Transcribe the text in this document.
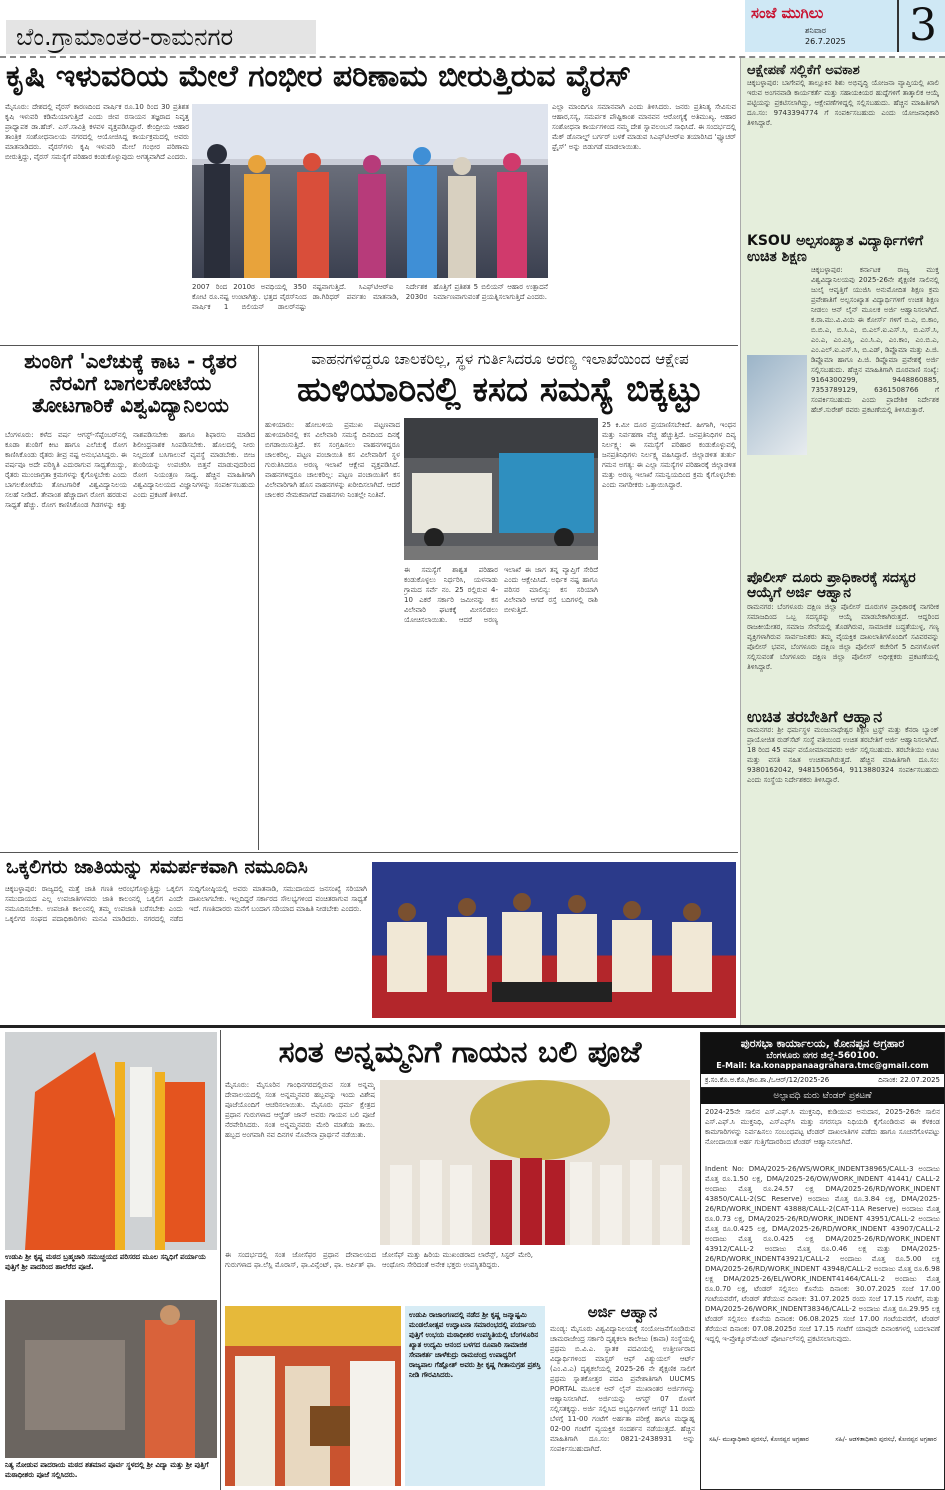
ಬೆಂ.ಗ್ರಾಮಾಂತರ-ರಾಮನಗರ
ಸಂಜೆ ಮುಗಿಲು
ಶನಿವಾರ
26.7.2025 3
ಕೃಷಿ ಇಳುವರಿಯ ಮೇಲೆ ಗಂಭೀರ ಪರಿಣಾಮ ಬೀರುತ್ತಿರುವ ವೈರಸ್
ಮೈಸೂರು: ದೇಶದಲ್ಲಿ ವೈರಸ್ ಕಾರಣದಿಂದ ವಾರ್ಷಿಕ ರೂ.10 ರಿಂದ 30 ಪ್ರತಿಶತ ಕೃಷಿ ಇಳುವರಿ ಕಡಿಮೆಯಾಗುತ್ತಿದೆ ಎಂದು ಜೀವ ರಸಾಯನ ತಜ್ಞರಾದ ನಿವೃತ್ತ ಪ್ರಾಧ್ಯಾಪಕ ಡಾ.ಹೆಚ್. ಎಸ್.ಸಾವಿತ್ರಿ ಕಳವಳ ವ್ಯಕ್ತಪಡಿಸಿದ್ದಾರೆ. ಕೇಂದ್ರೀಯ ಆಹಾರ ತಾಂತ್ರಿಕ ಸಂಶೋಧನಾಲಯ ನಗರದಲ್ಲಿ ಆಯೋಜಿಸಿದ್ದ ಕಾರ್ಯಕ್ರಮದಲ್ಲಿ ಅವರು ಮಾತನಾಡಿದರು. ವೈರಸ್‌ಗಳು ಕೃಷಿ ಇಳುವರಿ ಮೇಲೆ ಗಂಭೀರ ಪರಿಣಾಮ ಬೀರುತ್ತಿದ್ದು, ವೈರಸ್ ಸಮಸ್ಯೆಗೆ ಪರಿಹಾರ ಕಂಡುಕೊಳ್ಳುವುದು ಅಗತ್ಯವಾಗಿದೆ ಎಂದರು.
2007 ರಿಂದ 2010ರ ಅವಧಿಯಲ್ಲಿ 350 ಕೋಟಿ ರೂ.ನಷ್ಟ ಉಂಟಾಗಿತ್ತು. ಭತ್ತದ ವೈರಸ್‌ನಿಂದ ವಾರ್ಷಿಕ 1 ಬಿಲಿಯನ್ ಡಾಲರ್‌ನಷ್ಟು ನಷ್ಟವಾಗುತ್ತಿದೆ. ಸಿಎಫ್‌ಟಿಆರ್‌ಐ ನಿರ್ದೇಶಕ ಡಾ.ಗಿರಿಧರ್ ಪರ್ವತಂ ಮಾತನಾಡಿ, 2030ರ ಹೊತ್ತಿಗೆ ಪ್ರತಿಶತ 5 ಬಿಲಿಯನ್ ಆಹಾರ ಉತ್ಪಾದನೆ ನಿರ್ಮಾಣವಾಗುವಂತೆ ಪ್ರಯತ್ನಿಸಲಾಗುತ್ತಿದೆ ಎಂದರು.
ಎಲ್ಲಾ ಮಾಂದಿಗೂ ಸಮಾನವಾಗಿ ಎಂದು ತಿಳಿಸಿದರು. ಜನರು ಪ್ರತಿನಿತ್ಯ ಸೇವಿಸುವ ಆಹಾರ,ಸಸ್ಯ, ಸಮರ್ಪಕ ಪೌಷ್ಟಿಕಾಂಶ ಮಾನವನ ಆರೋಗ್ಯಕ್ಕೆ ಅತಿಮುಖ್ಯ. ಆಹಾರ ಸಂಶೋಧನಾ ಕಾರ್ಯಗಳಿಂದ ನಮ್ಮ ದೇಶ ಸ್ವಾವಲಂಬನೆ ಸಾಧಿಸಿದೆ. ಈ ಸಂದರ್ಭದಲ್ಲಿ ಮೆಕ್ ಡೊನಾಲ್ಡ್ ಬರ್ಗರ್ ಬಳಕೆ ಮಾಡುವ ಸಿಎಫ್‌ಟಿಆರ್‌ಐ ತಯಾರಿಸಿದ 'ಫ್ಯೂಚರ್ ಫ್ರೈಸ್' ಅನ್ನು ಬಿಡುಗಡೆ ಮಾಡಲಾಯಿತು.
ಶುಂಠಿಗೆ 'ಎಲೆಚುಕ್ಕೆ ಕಾಟ - ರೈತರ ನೆರವಿಗೆ ಬಾಗಲಕೋಟೆಯ ತೋಟಗಾರಿಕೆ ವಿಶ್ವವಿದ್ಯಾನಿಲಯ
ಬೆಂಗಳೂರು: ಕಳೆದ ವರ್ಷ ಆಗಸ್ಟ್-ಸೆಪ್ಟೆಂಬರ್‌ನಲ್ಲಿ ಕೂಡಾ ಶುಂಠಿಗೆ ಕೀಟ ಹಾಗೂ ಎಲೆಚುಕ್ಕೆ ರೋಗ ಕಾಣಿಸಿಕೊಂಡು ರೈತರು ತೀವ್ರ ನಷ್ಟ ಅನುಭವಿಸಿದ್ದರು. ಈ ವರ್ಷವೂ ಅದೇ ಪರಿಸ್ಥಿತಿ ಎದುರಾಗುವ ಸಾಧ್ಯತೆಯಿದ್ದು, ರೈತರು ಮುಂಜಾಗ್ರತಾ ಕ್ರಮಗಳನ್ನು ಕೈಗೊಳ್ಳಬೇಕು ಎಂದು ಬಾಗಲಕೋಟೆಯ ತೋಟಗಾರಿಕೆ ವಿಶ್ವವಿದ್ಯಾನಿಲಯ ಸಲಹೆ ನೀಡಿದೆ. ತೇವಾಂಶ ಹೆಚ್ಚಾದಾಗ ರೋಗ ಹರಡುವ ಸಾಧ್ಯತೆ ಹೆಚ್ಚು. ರೋಗ ಕಾಣಿಸಿಕೊಂಡ ಗಿಡಗಳನ್ನು ಕಿತ್ತು ನಾಶಪಡಿಸಬೇಕು ಹಾಗೂ ಶಿಫಾರಸು ಮಾಡಿದ ಶಿಲೀಂಧ್ರನಾಶಕ ಸಿಂಪಡಿಸಬೇಕು. ಹೊಲದಲ್ಲಿ ನೀರು ನಿಲ್ಲದಂತೆ ಬಸಿಗಾಲುವೆ ವ್ಯವಸ್ಥೆ ಮಾಡಬೇಕು. ಬೀಜ ಶುಂಠಿಯನ್ನು ಉಪಚರಿಸಿ ಬಿತ್ತನೆ ಮಾಡುವುದರಿಂದ ರೋಗ ನಿಯಂತ್ರಣ ಸಾಧ್ಯ. ಹೆಚ್ಚಿನ ಮಾಹಿತಿಗಾಗಿ ವಿಶ್ವವಿದ್ಯಾನಿಲಯದ ವಿಜ್ಞಾನಿಗಳನ್ನು ಸಂಪರ್ಕಿಸಬಹುದು ಎಂದು ಪ್ರಕಟಣೆ ತಿಳಿಸಿದೆ.
ವಾಹನಗಳಿದ್ದರೂ ಚಾಲಕರಿಲ್ಲ, ಸ್ಥಳ ಗುರ್ತಿಸಿದರೂ ಅರಣ್ಯ ಇಲಾಖೆಯಿಂದ ಆಕ್ಷೇಪ
ಹುಳಿಯಾರಿನಲ್ಲಿ ಕಸದ ಸಮಸ್ಯೆ ಬಿಕ್ಕಟ್ಟು
ಹುಳಿಯಾರು: ಹೋಬಳಿಯ ಪ್ರಮುಖ ಪಟ್ಟಣವಾದ ಹುಳಿಯಾರಿನಲ್ಲಿ ಕಸ ವಿಲೇವಾರಿ ಸಮಸ್ಯೆ ದಿನದಿಂದ ದಿನಕ್ಕೆ ಬಿಗಡಾಯಿಸುತ್ತಿದೆ. ಕಸ ಸಂಗ್ರಹಿಸಲು ವಾಹನಗಳಿದ್ದರೂ ಚಾಲಕರಿಲ್ಲ. ಪಟ್ಟಣ ಪಂಚಾಯಿತಿ ಕಸ ವಿಲೇವಾರಿಗೆ ಸ್ಥಳ ಗುರುತಿಸಿದರೂ ಅರಣ್ಯ ಇಲಾಖೆ ಆಕ್ಷೇಪ ವ್ಯಕ್ತಪಡಿಸಿದೆ. ವಾಹನಗಳಿದ್ದರೂ ಚಾಲಕರಿಲ್ಲ: ಪಟ್ಟಣ ಪಂಚಾಯಿತಿಗೆ ಕಸ ವಿಲೇವಾರಿಗಾಗಿ ಹೊಸ ವಾಹನಗಳನ್ನು ಖರೀದಿಸಲಾಗಿದೆ. ಆದರೆ ಚಾಲಕರ ನೇಮಕವಾಗದೆ ವಾಹನಗಳು ನಿಂತಲ್ಲೇ ನಿಂತಿವೆ.
ಈ ಸಮಸ್ಯೆಗೆ ಶಾಶ್ವತ ಪರಿಹಾರ ಕಂಡುಕೊಳ್ಳಲು ನಿರ್ಧರಿಸಿ, ಯಳನಾಡು ಗ್ರಾಮದ ಸರ್ವೆ ನಂ. 25 ರಲ್ಲಿರುವ 4-10 ಎಕರೆ ಸರ್ಕಾರಿ ಜಮೀನನ್ನು ಕಸ ವಿಲೇವಾರಿ ಘಟಕಕ್ಕೆ ಮೀಸಲಿಡಲು ಯೋಚಿಸಲಾಯಿತು. ಆದರೆ ಅರಣ್ಯ ಇಲಾಖೆ ಈ ಜಾಗ ತನ್ನ ವ್ಯಾಪ್ತಿಗೆ ಸೇರಿದೆ ಎಂದು ಆಕ್ಷೇಪಿಸಿದೆ. ಅರ್ಥಿಕ ನಷ್ಟ ಹಾಗೂ ಪರಿಸರ ಮಾಲಿನ್ಯ: ಕಸ ಸರಿಯಾಗಿ ವಿಲೇವಾರಿ ಆಗದೆ ರಸ್ತೆ ಬದಿಗಳಲ್ಲಿ ರಾಶಿ ಬೀಳುತ್ತಿದೆ.
25 ಕಿ.ಮೀ ದೂರ ಪ್ರಯಾಣಿಸಬೇಕಿದೆ. ಹೀಗಾಗಿ, ಇಂಧನ ಮತ್ತು ನಿರ್ವಹಣಾ ವೆಚ್ಚ ಹೆಚ್ಚುತ್ತಿದೆ. ಜನಪ್ರತಿನಿಧಿಗಳ ದಿವ್ಯ ನಿರ್ಲಕ್ಷ್ಯ: ಈ ಸಮಸ್ಯೆಗೆ ಪರಿಹಾರ ಕಂಡುಕೊಳ್ಳುವಲ್ಲಿ ಜನಪ್ರತಿನಿಧಿಗಳು ನಿರ್ಲಕ್ಷ್ಯ ವಹಿಸಿದ್ದಾರೆ. ಜಿಲ್ಲಾಡಳಿತ ತುರ್ತು ಗಮನ ಅಗತ್ಯ: ಈ ಎಲ್ಲಾ ಸಮಸ್ಯೆಗಳ ಪರಿಹಾರಕ್ಕೆ ಜಿಲ್ಲಾಡಳಿತ ಮತ್ತು ಅರಣ್ಯ ಇಲಾಖೆ ಸಮನ್ವಯದಿಂದ ಕ್ರಮ ಕೈಗೊಳ್ಳಬೇಕು ಎಂದು ನಾಗರೀಕರು ಒತ್ತಾಯಿಸಿದ್ದಾರೆ.
ಒಕ್ಕಲಿಗರು ಜಾತಿಯನ್ನು ಸಮರ್ಪಕವಾಗಿ ನಮೂದಿಸಿ
ಚಿಕ್ಕಬಳ್ಳಾಪುರ: ರಾಜ್ಯದಲ್ಲಿ ಮತ್ತೆ ಜಾತಿ ಗಣತಿ ಆರಂಭಗೊಳ್ಳುತ್ತಿದ್ದು ಒಕ್ಕಲಿಗ ಸಮುದಾಯದ ಎಲ್ಲ ಉಪಜಾತಿಗಳವರು ಜಾತಿ ಕಾಲಂನಲ್ಲಿ ಒಕ್ಕಲಿಗ ಎಂದೇ ನಮೂದಿಸಬೇಕು. ಉಪಜಾತಿ ಕಾಲಂನಲ್ಲಿ ತಮ್ಮ ಉಪಜಾತಿ ಬರೆಸಬೇಕು ಎಂದು ಒಕ್ಕಲಿಗರ ಸಂಘದ ಪದಾಧಿಕಾರಿಗಳು ಮನವಿ ಮಾಡಿದರು. ನಗರದಲ್ಲಿ ನಡೆದ ಸುದ್ದಿಗೋಷ್ಠಿಯಲ್ಲಿ ಅವರು ಮಾತನಾಡಿ, ಸಮುದಾಯದ ಜನಸಂಖ್ಯೆ ಸರಿಯಾಗಿ ದಾಖಲಾಗಬೇಕು. ಇಲ್ಲದಿದ್ದರೆ ಸರ್ಕಾರದ ಸೌಲಭ್ಯಗಳಿಂದ ವಂಚಿತರಾಗುವ ಸಾಧ್ಯತೆ ಇದೆ. ಗಣತಿದಾರರು ಮನೆಗೆ ಬಂದಾಗ ಸರಿಯಾದ ಮಾಹಿತಿ ನೀಡಬೇಕು ಎಂದರು.
ಆಕ್ಷೇಪಣೆ ಸಲ್ಲಿಕೆಗೆ ಅವಕಾಶ
ಚಿಕ್ಕಬಳ್ಳಾಪುರ: ಬಾಗೇಪಲ್ಲಿ ತಾಲ್ಲೂಕಿನ ಶಿಶು ಅಭಿವೃದ್ಧಿ ಯೋಜನಾ ವ್ಯಾಪ್ತಿಯಲ್ಲಿ ಖಾಲಿ ಇರುವ ಅಂಗನವಾಡಿ ಕಾರ್ಯಕರ್ತೆ ಮತ್ತು ಸಹಾಯಕಿಯರ ಹುದ್ದೆಗಳಿಗೆ ತಾತ್ಕಾಲಿಕ ಆಯ್ಕೆ ಪಟ್ಟಿಯನ್ನು ಪ್ರಕಟಿಸಲಾಗಿದ್ದು, ಆಕ್ಷೇಪಣೆಗಳಿದ್ದಲ್ಲಿ ಸಲ್ಲಿಸಬಹುದು. ಹೆಚ್ಚಿನ ಮಾಹಿತಿಗಾಗಿ ದೂ.ಸಂ: 9743394774 ಗೆ ಸಂಪರ್ಕಿಸಬಹುದು ಎಂದು ಯೋಜನಾಧಿಕಾರಿ ತಿಳಿಸಿದ್ದಾರೆ.
KSOU ಅಲ್ಪಸಂಖ್ಯಾತ ವಿದ್ಯಾರ್ಥಿಗಳಿಗೆ ಉಚಿತ ಶಿಕ್ಷಣ
ಚಿಕ್ಕಬಳ್ಳಾಪುರ: ಕರ್ನಾಟಕ ರಾಜ್ಯ ಮುಕ್ತ ವಿಶ್ವವಿದ್ಯಾನಿಲಯವು 2025-26ನೇ ಶೈಕ್ಷಣಿಕ ಸಾಲಿನಲ್ಲಿ ಜುಲೈ ಆವೃತ್ತಿಗೆ ಯುಜಿಸಿ ಅನುಮೋದಿತ ಶಿಕ್ಷಣ ಕ್ರಮ ಪ್ರವೇಶಾತಿಗೆ ಅಲ್ಪಸಂಖ್ಯಾತ ವಿದ್ಯಾರ್ಥಿಗಳಿಗೆ ಉಚಿತ ಶಿಕ್ಷಣ ನೀಡಲು ಆನ್ ಲೈನ್ ಮೂಲಕ ಅರ್ಜಿ ಆಹ್ವಾನಿಸಲಾಗಿದೆ. ಕ.ರಾ.ಮು.ವಿ.ವಿಯ ಈ ಕೋರ್ಸ್ ಗಳಿಗೆ ಬಿ.ಎ, ಬಿ.ಕಾಂ, ಬಿ.ಬಿ.ಎ, ಬಿ.ಸಿ.ಎ, ಬಿ.ಎಲ್.ಐ.ಎಸ್.ಸಿ, ಬಿ.ಎಸ್.ಸಿ, ಎಂ.ಎ, ಎಂ.ಎಸ್ಸಿ, ಎಂ.ಸಿ.ಎ, ಎಂ.ಕಾಂ, ಎಂ.ಬಿ.ಎ, ಎಂ.ಎಲ್.ಐ.ಎಸ್.ಸಿ, ಬಿ.ಎಡ್, ಡಿಪ್ಲೊಮಾ ಮತ್ತು ಪಿ.ಜಿ. ಡಿಪ್ಲೊಮಾ ಹಾಗೂ ಪಿ.ಜಿ. ಡಿಪ್ಲೊಮಾ ಪ್ರವೇಶಕ್ಕೆ ಅರ್ಜಿ ಸಲ್ಲಿಸಬಹುದು. ಹೆಚ್ಚಿನ ಮಾಹಿತಿಗಾಗಿ ದೂರವಾಣಿ ಸಂಖ್ಯೆ: 9164300299, 9448860885, 7353789129, 6361508766 ಗೆ ಸಂಪರ್ಕಿಸಬಹುದು ಎಂದು ಪ್ರಾದೇಶಿಕ ನಿರ್ದೇಶಕ ಹೆಚ್.ಸುರೇಶ್ ರವರು ಪ್ರಕಟಣೆಯಲ್ಲಿ ತಿಳಿಸಿರುತ್ತಾರೆ.
ಪೊಲೀಸ್ ದೂರು ಪ್ರಾಧಿಕಾರಕ್ಕೆ ಸದಸ್ಯರ ಆಯ್ಕೆಗೆ ಅರ್ಜಿ ಆಹ್ವಾನ
ರಾಮನಗರ: ಬೆಂಗಳೂರು ದಕ್ಷಿಣ ಜಿಲ್ಲಾ ಪೊಲೀಸ್ ದೂರುಗಳ ಪ್ರಾಧಿಕಾರಕ್ಕೆ ನಾಗರೀಕ ಸಮಾಜದಿಂದ ಒಬ್ಬ ಸದಸ್ಯರನ್ನು ಆಯ್ಕೆ ಮಾಡಬೇಕಾಗಿರುತ್ತದೆ. ಆದ್ದರಿಂದ ರಾಜಕೀಯೇತರ, ಸಮಾಜ ಸೇವೆಯಲ್ಲಿ ತೊಡಗಿರುವ, ಸಾಮಾಜಿಕ ಬದ್ಧತೆಯುಳ್ಳ, ಗಣ್ಯ ವ್ಯಕ್ತಿಗಳಾಗಿರುವ ಸಾರ್ವಜನಿಕರು ತಮ್ಮ ವೈಯಕ್ತಿಕ ದಾಖಲಾತಿಗಳೊಂದಿಗೆ ಸವಿವರವನ್ನು ಪೊಲೀಸ್ ಭವನ, ಬೆಂಗಳೂರು ದಕ್ಷಿಣ ಜಿಲ್ಲಾ ಪೊಲೀಸ್ ಕಚೇರಿಗೆ 5 ದಿನಗಳೊಳಗೆ ಸಲ್ಲಿಸುವಂತೆ ಬೆಂಗಳೂರು ದಕ್ಷಿಣ ಜಿಲ್ಲಾ ಪೊಲೀಸ್ ಅಧೀಕ್ಷಕರು ಪ್ರಕಟಣೆಯಲ್ಲಿ ತಿಳಿಸಿದ್ದಾರೆ.
ಉಚಿತ ತರಬೇತಿಗೆ ಆಹ್ವಾನ
ರಾಮನಗರ: ಶ್ರೀ ಧರ್ಮಸ್ಥಳ ಮಂಜುನಾಥೇಶ್ವರ ಶಿಕ್ಷಣ ಟ್ರಸ್ಟ್ ಮತ್ತು ಕೆನರಾ ಬ್ಯಾಂಕ್ ಪ್ರಾಯೋಜಿತ ರುಡ್‌ಸೆಟ್ ಸಂಸ್ಥೆ ವತಿಯಿಂದ ಉಚಿತ ತರಬೇತಿಗೆ ಅರ್ಜಿ ಆಹ್ವಾನಿಸಲಾಗಿದೆ. 18 ರಿಂದ 45 ವರ್ಷ ವಯೋಮಾನದವರು ಅರ್ಜಿ ಸಲ್ಲಿಸಬಹುದು. ತರಬೇತಿಯು ಊಟ ಮತ್ತು ವಸತಿ ಸಹಿತ ಉಚಿತವಾಗಿರುತ್ತದೆ. ಹೆಚ್ಚಿನ ಮಾಹಿತಿಗಾಗಿ ದೂ.ಸಂ: 9380162042, 9481506564, 9113880324 ಸಂಪರ್ಕಿಸಬಹುದು ಎಂದು ಸಂಸ್ಥೆಯ ನಿರ್ದೇಶಕರು ತಿಳಿಸಿದ್ದಾರೆ.
ಉಡುಪಿ ಶ್ರೀ ಕೃಷ್ಣ ಮಠದ ಬ್ರಹ್ಮಚಾರಿ ಸಮುಚ್ಚಯದ ಪರಿಸರದ ಮೂಲ ಸನ್ನಿಧಿಗೆ ಪರ್ಯಾಯ ಪುತ್ತಿಗೆ ಶ್ರೀ ಪಾದರಿಂದ ಹಾಲೆರೆದ ಪೂಜೆ.
ನಿತ್ಯ ನೋಡುವ ಪಾದರಾಯ ಮಠದ ಶತಮಾನ ಪೂರ್ವ ಸ್ಥಳದಲ್ಲಿ ಶ್ರೀ ವಿದ್ಯಾ ಮತ್ತು ಶ್ರೀ ಪುತ್ತಿಗೆ ಮಠಾಧೀಶರು ಪೂಜೆ ಸಲ್ಲಿಸಿದರು.
ಸಂತ ಅನ್ನಮ್ಮನಿಗೆ ಗಾಯನ ಬಲಿ ಪೂಜೆ
ಮೈಸೂರು: ಮೈಸೂರಿನ ಗಾಂಧಿನಗರದಲ್ಲಿರುವ ಸಂತ ಅನ್ನಮ್ಮ ದೇವಾಲಯದಲ್ಲಿ ಸಂತ ಅನ್ನಮ್ಮನವರ ಹಬ್ಬವನ್ನು ಇಂದು ವಿಶೇಷ ಪೂಜೆಯೊಂದಿಗೆ ಆಚರಿಸಲಾಯಿತು. ಮೈಸೂರು ಧರ್ಮ ಕ್ಷೇತ್ರದ ಪ್ರಧಾನ ಗುರುಗಳಾದ ಆಲ್ಫ್ರೆಡ್ ಜಾನ್ ಅವರು ಗಾಯನ ಬಲಿ ಪೂಜೆ ನೆರವೇರಿಸಿದರು. ಸಂತ ಅನ್ನಮ್ಮನವರು ಮೇರಿ ಮಾತೆಯ ತಾಯಿ. ಹಬ್ಬದ ಅಂಗವಾಗಿ ನವ ದಿನಗಳ ನೊವೇನಾ ಪ್ರಾರ್ಥನೆ ನಡೆಯಿತು.
ಈ ಸಂದರ್ಭದಲ್ಲಿ ಸಂತ ಜೋಸೆಫರ ಪ್ರಧಾನ ದೇವಾಲಯದ ಗುರುಗಳಾದ ಫಾ.ಲೆಸ್ಲಿ ಮೊರಾಸ್, ಫಾ.ವಿನ್ಸೆಂಟ್, ಫಾ. ಅರ್ಪಿತ್ ಫಾ. ಜೋಸೆಫ್ ಮತ್ತು ಹಿರಿಯ ಮುಖಂಡರಾದ ಲಾರೆನ್ಸ್, ಸಿಸ್ಟರ್ ಮೇರಿ, ಆಂಥೋನಿ ಸೇರಿದಂತೆ ಅನೇಕ ಭಕ್ತರು ಉಪಸ್ಥಿತರಿದ್ದರು.
ಉಡುಪಿ ರಾಜಾಂಗಣದಲ್ಲಿ ನಡೆದ ಶ್ರೀ ಕೃಷ್ಣ ಜನ್ಮಾಷ್ಟಮಿ ಮಂಡಲೋತ್ಸವ ಉದ್ಘಾಟನಾ ಸಮಾರಂಭದಲ್ಲಿ ಪರ್ಯಾಯ ಪುತ್ತಿಗೆ ಉಭಯ ಮಠಾಧೀಶರ ಉಪಸ್ಥಿತಿಯಲ್ಲಿ ಬೆಂಗಳೂರಿನ ಖ್ಯಾತ ಉದ್ಯಮಿ ಆನಂದ ಬಳಗದ ರೂವಾರಿ ಸಾಮಾಜಿಕ ಸೇವಾಕರ್ತ ಚಾಳೆಕುದ್ರು ರಾಮಚಂದ್ರ ಉಪಾಧ್ಯರಿಗೆ ರಾಜ್ಯಪಾಲ ಗೆಹ್ಲೋತ್ ಅವರು ಶ್ರೀ ಕೃಷ್ಣ ಗೀತಾನುಗ್ರಹ ಪ್ರಶಸ್ತಿ ನೀಡಿ ಗೌರವಿಸಿದರು.
ಅರ್ಜಿ ಆಹ್ವಾನ
ಮಂಡ್ಯ: ಮೈಸೂರು ವಿಶ್ವವಿದ್ಯಾನಿಲಯಕ್ಕೆ ಸಂಯೋಜನೆಗೊಂಡಿರುವ ಚಾಮರಾಜೇಂದ್ರ ಸರ್ಕಾರಿ ದೃಶ್ಯಕಲಾ ಕಾಲೇಜು (ಕಾವಾ) ಸಂಸ್ಥೆಯಲ್ಲಿ ಪ್ರಥಮ ಬಿ.ವಿ.ಎ. ಸ್ನಾತಕ ಪದವಿಯಲ್ಲಿ ಉತ್ತೀರ್ಣರಾದ ವಿದ್ಯಾರ್ಥಿಗಳಿಂದ ಮಾಸ್ಟರ್ ಆಫ್ ವಿಶ್ಯುಯಲ್ ಆರ್ಟ್ (ಎಂ.ವಿ.ಎ) ದೃಶ್ಯಕಲೆಯಲ್ಲಿ 2025-26 ನೇ ಶೈಕ್ಷಣಿಕ ಸಾಲಿಗೆ ಪ್ರಥಮ ಸ್ನಾತಕೋತ್ತರ ಪದವಿ ಪ್ರವೇಶಾತಿಗಾಗಿ UUCMS PORTAL ಮೂಲಕ ಆನ್ ಲೈನ್ ಮುಖಾಂತರ ಅರ್ಜಿಗಳನ್ನು ಆಹ್ವಾನಿಸಲಾಗಿದೆ. ಅರ್ಜಿಯನ್ನು ಆಗಸ್ಟ್ 07 ರೊಳಗೆ ಸಲ್ಲಿಸತಕ್ಕದ್ದು. ಅರ್ಜಿ ಸಲ್ಲಿಸಿದ ಅಭ್ಯರ್ಥಿಗಳಿಗೆ ಆಗಸ್ಟ್ 11 ರಂದು ಬೆಳಗ್ಗೆ 11-00 ಗಂಟೆಗೆ ಅರ್ಹತಾ ಪರೀಕ್ಷೆ ಹಾಗೂ ಮಧ್ಯಾಹ್ನ 02-00 ಗಂಟೆಗೆ ವ್ಯಯಕ್ತಿಕ ಸಂದರ್ಶನ ನಡೆಯುತ್ತದೆ. ಹೆಚ್ಚಿನ ಮಾಹಿತಿಗಾಗಿ ದೂ.ಸಂ: 0821-2438931 ಅನ್ನು ಸಂಪರ್ಕಿಸಬಹುದಾಗಿದೆ.
ಪುರಸಭಾ ಕಾರ್ಯಾಲಯ, ಕೋನಪ್ಪನ ಅಗ್ರಹಾರ
ಬೆಂಗಳೂರು ನಗರ ಜಿಲ್ಲೆ-560100.
E-Mail: ka.konappanaagrahara.tmc@gmail.com
ಕ್ರ.ಸಂ.ಕೊ.ಅ.ಕೊ./ಕಾಂ.ಶಾ./ಒಆರ್/12/2025-26	ದಿನಾಂಕ: 22.07.2025
ಅಲ್ಪಾವಧಿ ಮರು ಟೆಂಡರ್ ಪ್ರಕಟಣೆ
2024-25ನೇ ಸಾಲಿನ ಎಸ್.ಎಫ್.ಸಿ ಮುಕ್ತನಿಧಿ, ಕುಡಿಯುವ ಅನುದಾನ, 2025-26ನೇ ಸಾಲಿನ ಎಸ್.ಎಫ್.ಸಿ ಮುಕ್ತನಿಧಿ, ಎಸ್‌ಎಫ್‌ಸಿ ಮತ್ತು ನಗರಸಭಾ ನಿಧಿಯಡಿ ಕೈಗೊಂಡಿರುವ ಈ ಕೆಳಕಂಡ ಕಾಮಗಾರಿಗಳನ್ನು ನಿರ್ವಹಿಸಲು ಸಂಬಂಧಪಟ್ಟ ಟೆಂಡರ್ ದಾಖಲಾತಿಗಳ ಪಡೆದು ಹಾಗೂ ಸೂಚನೆಗೊಳಪಟ್ಟು ನೋಂದಾಯಿತ ಅರ್ಹ ಗುತ್ತಿಗೆದಾರರಿಂದ ಟೆಂಡರ್ ಆಹ್ವಾನಿಸಲಾಗಿದೆ.
Indent No: DMA/2025-26/WS/WORK_INDENT38965/CALL-3 ಅಂದಾಜು ಮೊತ್ತ ರೂ.1.50 ಲಕ್ಷ, DMA/2025-26/OW/WORK_INDENT 41441/ CALL-2 ಅಂದಾಜು ಮೊತ್ತ ರೂ.24.57 ಲಕ್ಷ DMA/2025-26/RD/WORK_INDENT 43850/CALL-2(SC Reserve) ಅಂದಾಜು ಮೊತ್ತ ರೂ.3.84 ಲಕ್ಷ, DMA/2025-26/RD/WORK_INDENT 43888/CALL-2(CAT-11A Reserve) ಅಂದಾಜು ಮೊತ್ತ ರೂ.0.73 ಲಕ್ಷ, DMA/2025-26/RD/WORK_INDENT 43951/CALL-2 ಅಂದಾಜು ಮೊತ್ತ ರೂ.0.425 ಲಕ್ಷ, DMA/2025-26/RD/WORK_INDENT 43907/CALL-2 ಅಂದಾಜು ಮೊತ್ತ ರೂ.0.425 ಲಕ್ಷ DMA/2025-26/RD/WORK_INDENT 43912/CALL-2 ಅಂದಾಜು ಮೊತ್ತ ರೂ.0.46 ಲಕ್ಷ ಮತ್ತು DMA/2025-26/RD/WORK_INDENT43921/CALL-2 ಅಂದಾಜು ಮೊತ್ತ ರೂ.5.00 ಲಕ್ಷ DMA/2025-26/RD/WORK_INDENT 43948/CALL-2 ಅಂದಾಜು ಮೊತ್ತ ರೂ.6.98 ಲಕ್ಷ DMA/2025-26/EL/WORK_INDENT41464/CALL-2 ಅಂದಾಜು ಮೊತ್ತ ರೂ.0.70 ಲಕ್ಷ, ಟೆಂಡರ್ ಸಲ್ಲಿಸಲು ಕೊನೆಯ ದಿನಾಂಕ: 30.07.2025 ಸಂಜೆ 17.00 ಗಂಟೆಯವರೆಗೆ, ಟೆಂಡರ್ ತೆರೆಯುವ ದಿನಾಂಕ: 31.07.2025 ರಂದು ಸಂಜೆ 17.15 ಗಂಟೆಗೆ, ಮತ್ತು DMA/2025-26/WORK_INDENT38346/CALL-2 ಅಂದಾಜು ಮೊತ್ತ ರೂ.29.95 ಲಕ್ಷ ಟೆಂಡರ್ ಸಲ್ಲಿಸಲು ಕೊನೆಯ ದಿನಾಂಕ: 06.08.2025 ಸಂಜೆ 17.00 ಗಂಟೆಯವರೆಗೆ, ಟೆಂಡರ್ ತೆರೆಯುವ ದಿನಾಂಕ: 07.08.2025ರ ಸಂಜೆ 17.15 ಗಂಟೆಗೆ ಯಾವುದೇ ದಿನಾಂಕಗಳಲ್ಲಿ ಬದಲಾವಣೆ ಇದ್ದಲ್ಲಿ ಇ-ಪ್ರೊಕ್ಯೂರ್‌ಮೆಂಟ್ ಪೋರ್ಟಲ್‌ನಲ್ಲಿ ಪ್ರಕಟಿಸಲಾಗುವುದು.
ಸಹಿ/- ಮುಖ್ಯಾಧಿಕಾರಿ ಪುರಸಭೆ, ಕೋನಪ್ಪನ ಅಗ್ರಹಾರ	ಸಹಿ/- ಆಡಳಿತಾಧಿಕಾರಿ ಪುರಸಭೆ, ಕೋನಪ್ಪನ ಅಗ್ರಹಾರ
